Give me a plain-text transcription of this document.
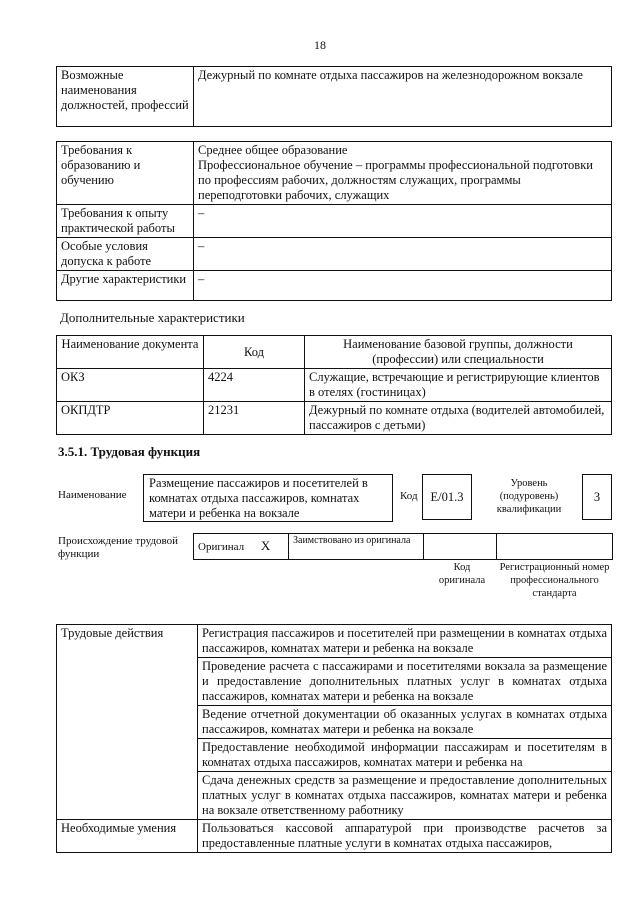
18
Возможные наименования должностей, профессий	Дежурный по комнате отдыха пассажиров на железнодорожном вокзале
Требования к образованию и обучению	Среднее общее образование
Профессиональное обучение – программы профессиональной подготовки по профессиям рабочих, должностям служащих, программы переподготовки рабочих, служащих

Требования к опыту практической работы	–
Особые условия допуска к работе	–
Другие характеристики	–
Дополнительные характеристики
Наименование документа	Код	Наименование базовой группы, должности (профессии) или специальности
ОКЗ	4224	Служащие, встречающие и регистрирующие клиентов в отелях (гостиницах)
ОКПДТР	21231	Дежурный по комнате отдыха (водителей автомобилей, пассажиров с детьми)
3.5.1. Трудовая функция
Наименование
Размещение пассажиров и посетителей в комнатах отдыха пассажиров, комнатах матери и ребенка на вокзале
Код	E/01.3
Уровень (подуровень) квалификации
3
Происхождение трудовой функции
Оригинал X	Заимствовано из оригинала		
Код оригинала
Регистрационный номер профессионального стандарта
Трудовые действия	Регистрация пассажиров и посетителей при размещении в комнатах отдыха пассажиров, комнатах матери и ребенка на вокзале
	Проведение расчета с пассажирами и посетителями вокзала за размещение и предоставление дополнительных платных услуг в комнатах отдыха пассажиров, комнатах матери и ребенка на вокзале
	Ведение отчетной документации об оказанных услугах в комнатах отдыха пассажиров, комнатах матери и ребенка на вокзале
	Предоставление необходимой информации пассажирам и посетителям в комнатах отдыха пассажиров, комнатах матери и ребенка на
	Сдача денежных средств за размещение и предоставление дополнительных платных услуг в комнатах отдыха пассажиров, комнатах матери и ребенка на вокзале ответственному работнику
Необходимые умения	Пользоваться кассовой аппаратурой при производстве расчетов за предоставленные платные услуги в комнатах отдыха пассажиров,
